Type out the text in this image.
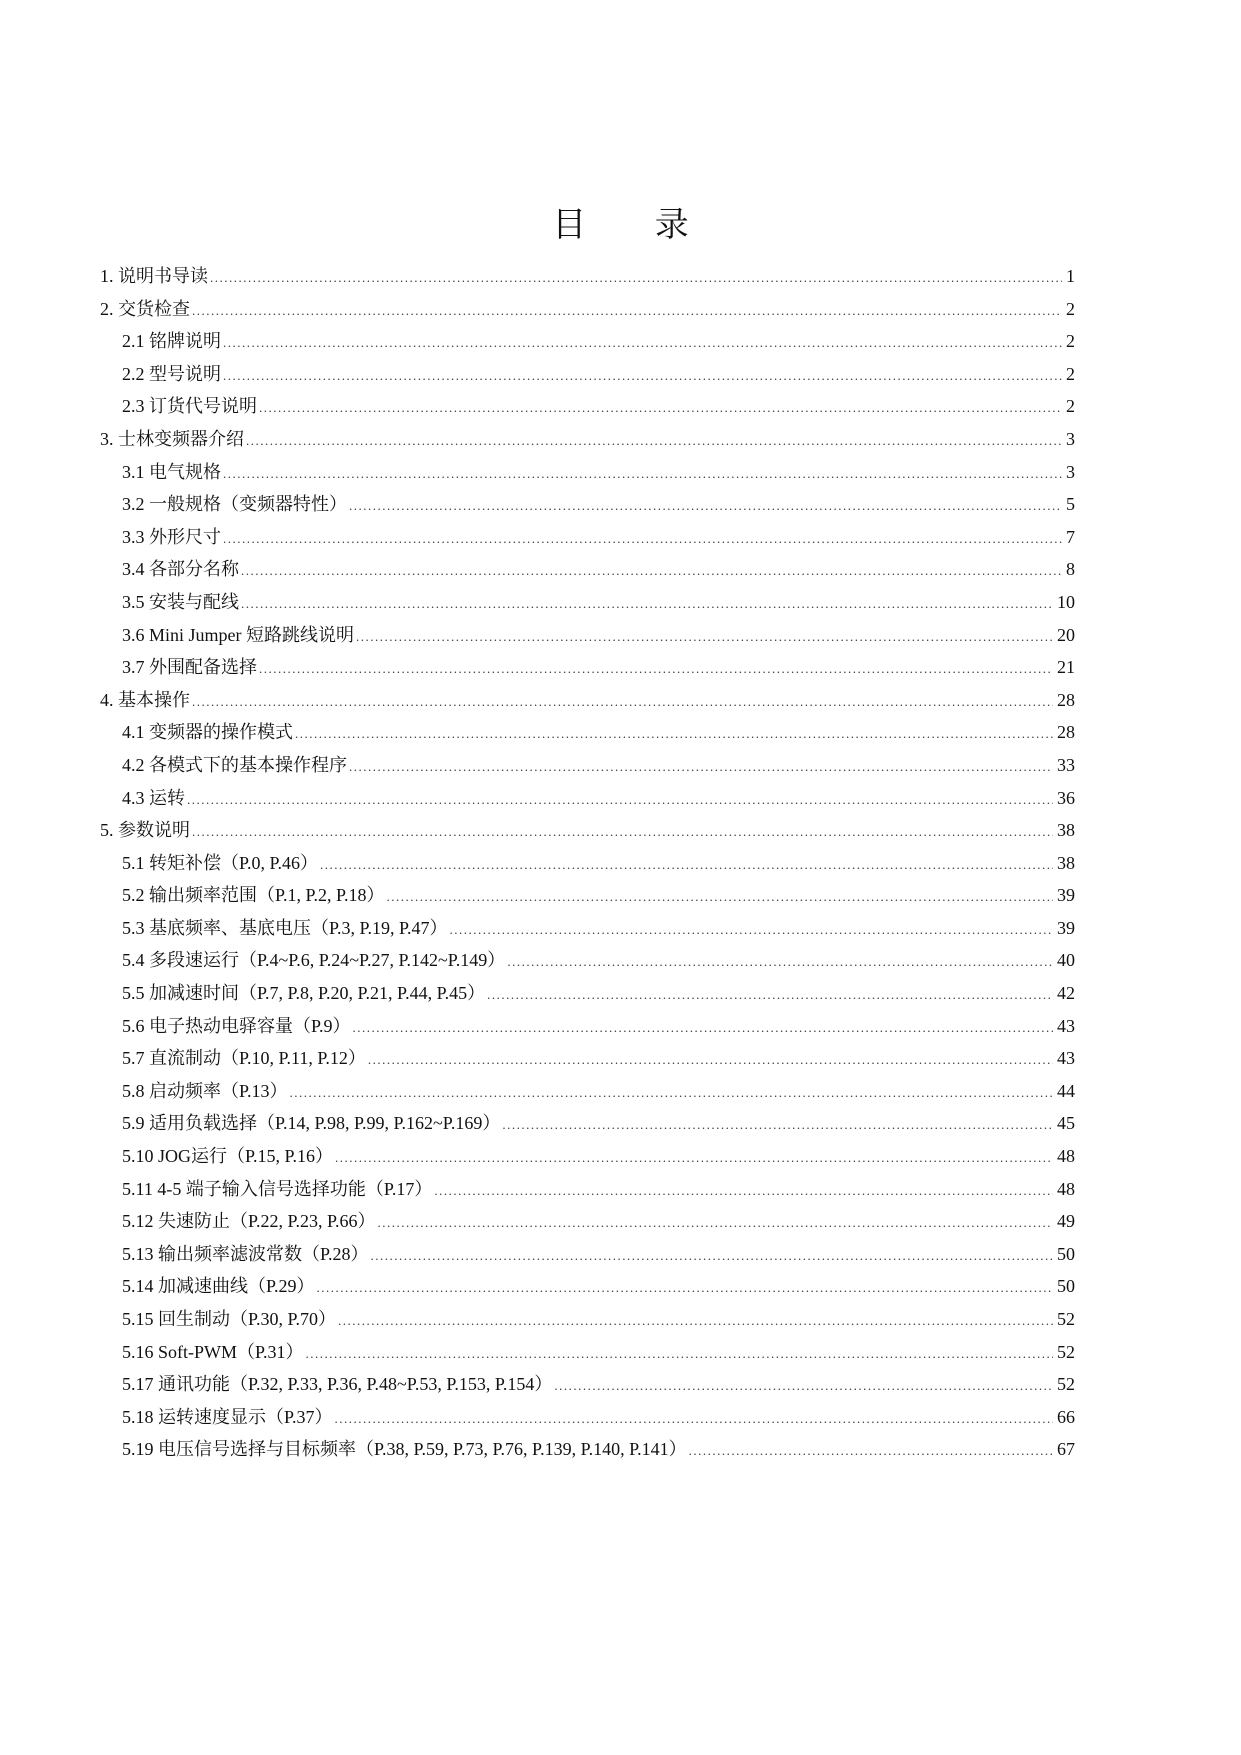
目 录
1. 说明书导读 .....	1
2. 交货检查 .....	2
2.1 铭牌说明 .....	2
2.2 型号说明 .....	2
2.3 订货代号说明 .....	2
3. 士林变频器介绍 .....	3
3.1 电气规格 .....	3
3.2 一般规格（变频器特性） .....	5
3.3 外形尺寸 .....	7
3.4 各部分名称 .....	8
3.5 安装与配线 .....	10
3.6 Mini Jumper 短路跳线说明 .....	20
3.7 外围配备选择 .....	21
4. 基本操作 .....	28
4.1 变频器的操作模式 .....	28
4.2 各模式下的基本操作程序 .....	33
4.3 运转 .....	36
5. 参数说明 .....	38
5.1 转矩补偿（P.0, P.46） .....	38
5.2 输出频率范围（P.1, P.2, P.18） .....	39
5.3 基底频率、基底电压（P.3, P.19, P.47） .....	39
5.4 多段速运行（P.4~P.6, P.24~P.27, P.142~P.149） .....	40
5.5 加减速时间（P.7, P.8, P.20, P.21, P.44, P.45） .....	42
5.6 电子热动电驿容量（P.9） .....	43
5.7 直流制动（P.10, P.11, P.12） .....	43
5.8 启动频率（P.13） .....	44
5.9 适用负载选择（P.14, P.98, P.99, P.162~P.169） .....	45
5.10 JOG运行（P.15, P.16） .....	48
5.11 4-5 端子输入信号选择功能（P.17） .....	48
5.12 失速防止（P.22, P.23, P.66） .....	49
5.13 输出频率滤波常数（P.28） .....	50
5.14 加减速曲线（P.29） .....	50
5.15 回生制动（P.30, P.70） .....	52
5.16 Soft-PWM（P.31） .....	52
5.17 通讯功能（P.32, P.33, P.36, P.48~P.53, P.153, P.154） .....	52
5.18 运转速度显示（P.37） .....	66
5.19 电压信号选择与目标频率（P.38, P.59, P.73, P.76, P.139, P.140, P.141） .....	67
